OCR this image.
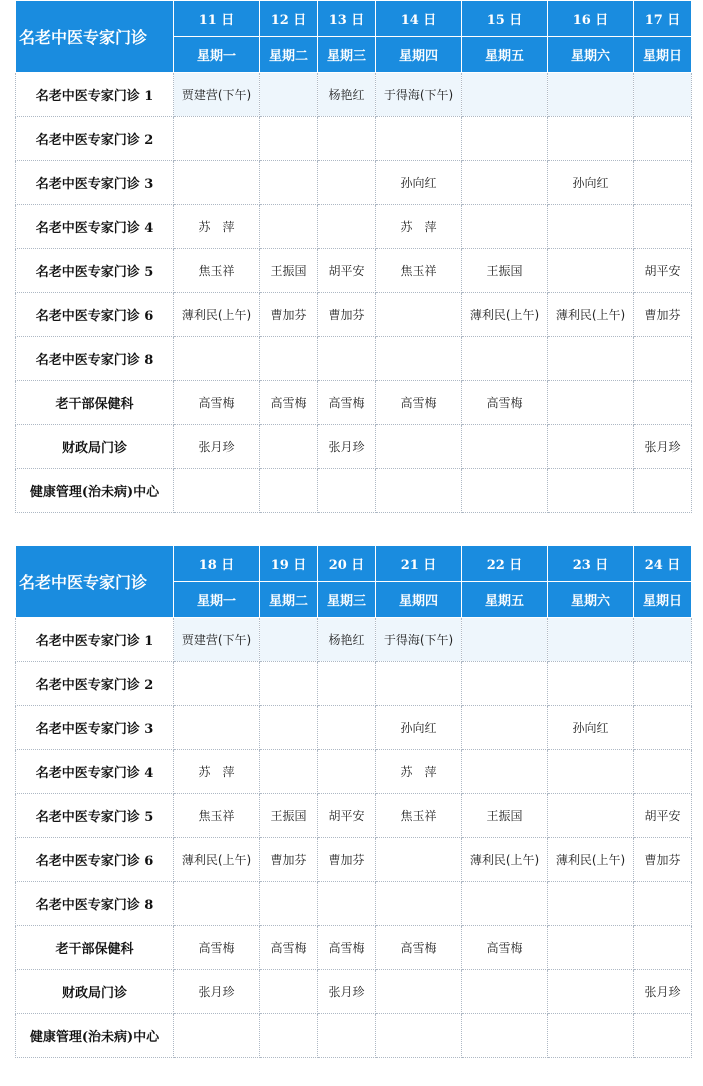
名老中医专家门诊	11 日	12 日	13 日	14 日	15 日	16 日	17 日
	星期一	星期二	星期三	星期四	星期五	星期六	星期日
名老中医专家门诊 1	贾建营(下午)		杨艳红	于得海(下午)			
名老中医专家门诊 2							
名老中医专家门诊 3				孙向红		孙向红	
名老中医专家门诊 4	苏　萍			苏　萍			
名老中医专家门诊 5	焦玉祥	王振国	胡平安	焦玉祥	王振国		胡平安
名老中医专家门诊 6	薄利民(上午)	曹加芬	曹加芬		薄利民(上午)	薄利民(上午)	曹加芬
名老中医专家门诊 8							
老干部保健科	高雪梅	高雪梅	高雪梅	高雪梅	高雪梅		
财政局门诊	张月珍		张月珍				张月珍
健康管理(治未病)中心							
名老中医专家门诊	18 日	19 日	20 日	21 日	22 日	23 日	24 日
	星期一	星期二	星期三	星期四	星期五	星期六	星期日
名老中医专家门诊 1	贾建营(下午)		杨艳红	于得海(下午)			
名老中医专家门诊 2							
名老中医专家门诊 3				孙向红		孙向红	
名老中医专家门诊 4	苏　萍			苏　萍			
名老中医专家门诊 5	焦玉祥	王振国	胡平安	焦玉祥	王振国		胡平安
名老中医专家门诊 6	薄利民(上午)	曹加芬	曹加芬		薄利民(上午)	薄利民(上午)	曹加芬
名老中医专家门诊 8							
老干部保健科	高雪梅	高雪梅	高雪梅	高雪梅	高雪梅		
财政局门诊	张月珍		张月珍				张月珍
健康管理(治未病)中心							
